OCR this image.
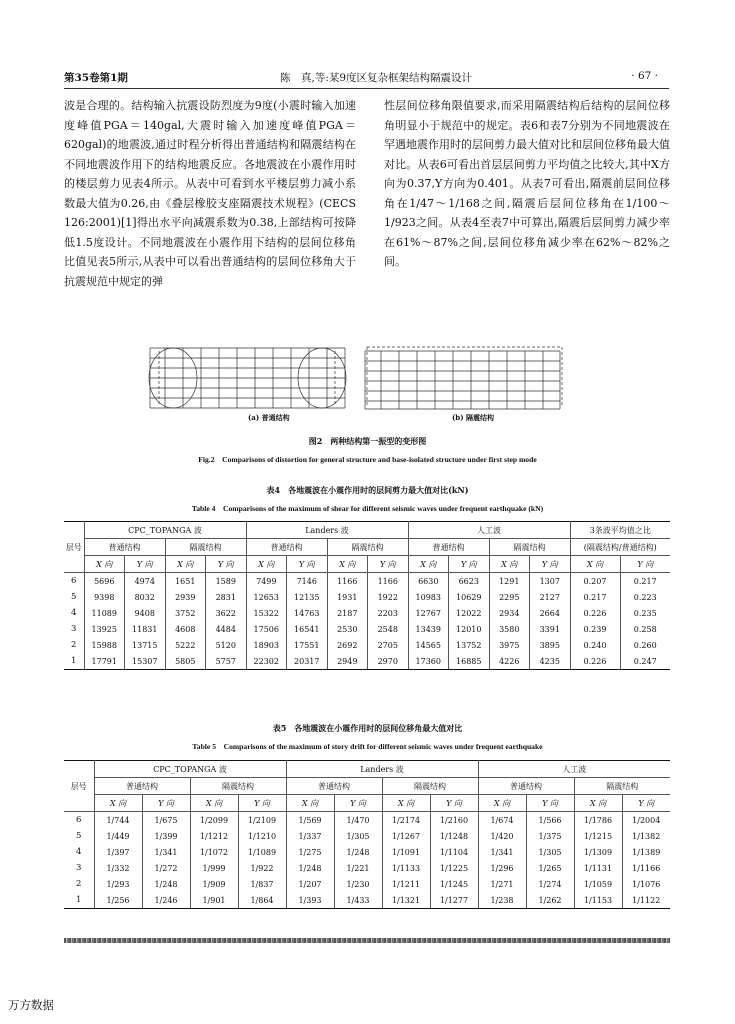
第35卷第1期	陈　真,等:某9度区复杂框架结构隔震设计	· 67 ·
波是合理的。结构输入抗震设防烈度为9度(小震时输入加速度峰值PGA＝140gal,大震时输入加速度峰值PGA＝620gal)的地震波,通过时程分析得出普通结构和隔震结构在不同地震波作用下的结构地震反应。各地震波在小震作用时的楼层剪力见表4所示。从表中可看到水平楼层剪力减小系数最大值为0.26,由《叠层橡胶支座隔震技术规程》(CECS 126:2001)[1]得出水平向减震系数为0.38,上部结构可按降低1.5度设计。不同地震波在小震作用下结构的层间位移角比值见表5所示,从表中可以看出普通结构的层间位移角大于抗震规范中规定的弹
性层间位移角限值要求,而采用隔震结构后结构的层间位移角明显小于规范中的规定。表6和表7分别为不同地震波在罕遇地震作用时的层间剪力最大值对比和层间位移角最大值对比。从表6可看出首层层间剪力平均值之比较大,其中X方向为0.37,Y方向为0.401。从表7可看出,隔震前层间位移角在1/47～1/168之间,隔震后层间位移角在1/100～1/923之间。从表4至表7中可算出,隔震后层间剪力减少率在61%～87%之间,层间位移角减少率在62%～82%之间。
(a) 普通结构	(b) 隔震结构
图2　两种结构第一振型的变形图
Fig.2　Comparisons of distortion for general structure and base-isolated structure under first step mode
表4　各地震波在小震作用时的层间剪力最大值对比(kN)
Table 4　Comparisons of the maximum of shear for different seismic waves under frequent earthquake (kN)
层号	CPC_TOPANGA 波				Landers 波				人工波				3条波平均值之比	
	普通结构		隔震结构		普通结构		隔震结构		普通结构		隔震结构		(隔震结构/普通结构)	
	X 向	Y 向	X 向	Y 向	X 向	Y 向	X 向	Y 向	X 向	Y 向	X 向	Y 向	X 向	Y 向
6	5696	4974	1651	1589	7499	7146	1166	1166	6630	6623	1291	1307	0.207	0.217
5	9398	8032	2939	2831	12653	12135	1931	1922	10983	10629	2295	2127	0.217	0.223
4	11089	9408	3752	3622	15322	14763	2187	2203	12767	12022	2934	2664	0.226	0.235
3	13925	11831	4608	4484	17506	16541	2530	2548	13439	12010	3580	3391	0.239	0.258
2	15988	13715	5222	5120	18903	17551	2692	2705	14565	13752	3975	3895	0.240	0.260
1	17791	15307	5805	5757	22302	20317	2949	2970	17360	16885	4226	4235	0.226	0.247
表5　各地震波在小震作用时的层间位移角最大值对比
Table 5　Comparisons of the maximum of story drift for different seismic waves under frequent earthquake
层号	CPC_TOPANGA 波				Landers 波				人工波			
	普通结构		隔震结构		普通结构		隔震结构		普通结构		隔震结构	
	X 向	Y 向	X 向	Y 向	X 向	Y 向	X 向	Y 向	X 向	Y 向	X 向	Y 向
6	1/744	1/675	1/2099	1/2109	1/569	1/470	1/2174	1/2160	1/674	1/566	1/1786	1/2004
5	1/449	1/399	1/1212	1/1210	1/337	1/305	1/1267	1/1248	1/420	1/375	1/1215	1/1382
4	1/397	1/341	1/1072	1/1089	1/275	1/248	1/1091	1/1104	1/341	1/305	1/1309	1/1389
3	1/332	1/272	1/999	1/922	1/248	1/221	1/1133	1/1225	1/296	1/265	1/1131	1/1166
2	1/293	1/248	1/909	1/837	1/207	1/230	1/1211	1/1245	1/271	1/274	1/1059	1/1076
1	1/256	1/246	1/901	1/864	1/393	1/433	1/1321	1/1277	1/238	1/262	1/1153	1/1122
万方数据
